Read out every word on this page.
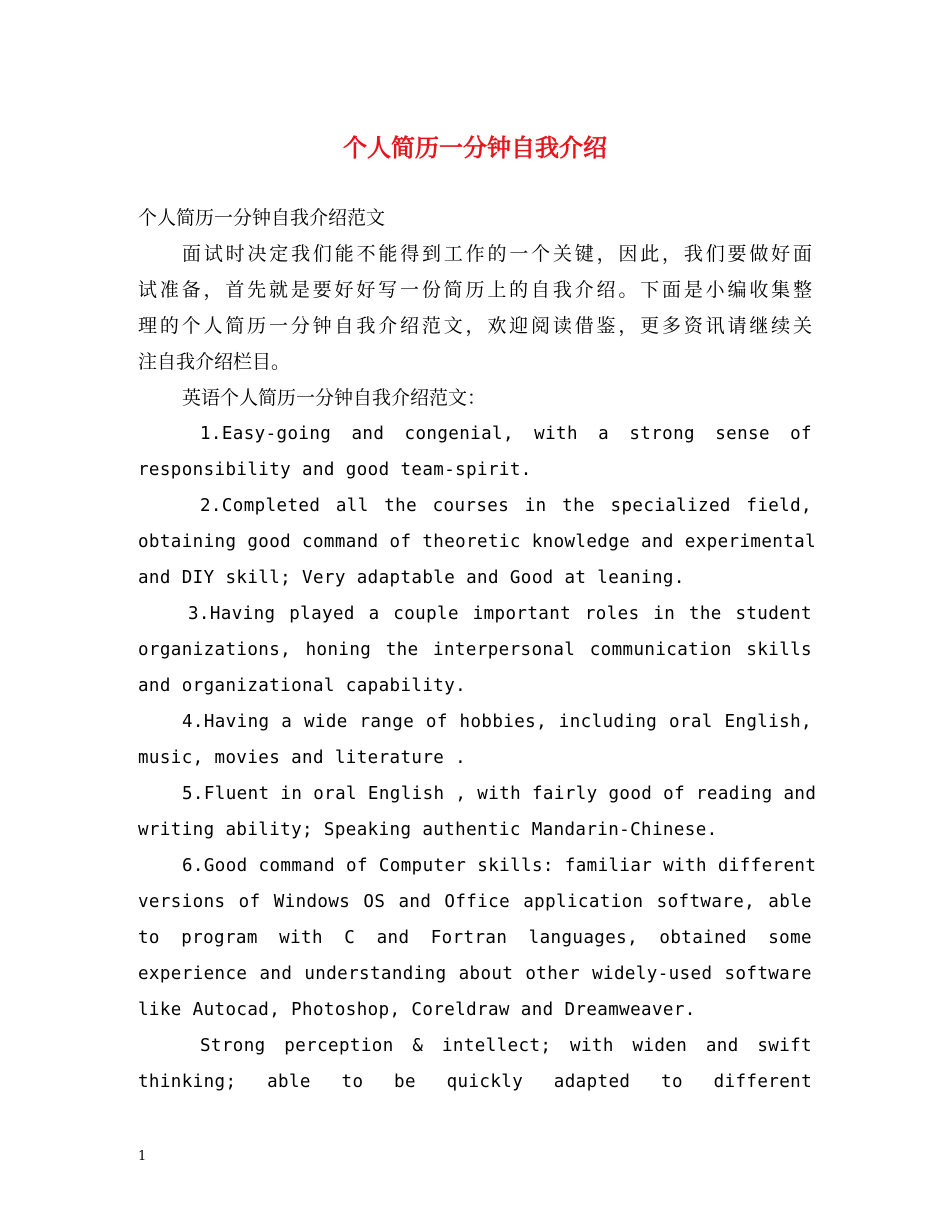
个人简历一分钟自我介绍
个人简历一分钟自我介绍范文
面试时决定我们能不能得到工作的一个关键，因此，我们要做好面
试准备，首先就是要好好写一份简历上的自我介绍。下面是小编收集整
理的个人简历一分钟自我介绍范文，欢迎阅读借鉴，更多资讯请继续关
注自我介绍栏目。
英语个人简历一分钟自我介绍范文：
1.Easy-going and congenial, with a strong sense of
responsibility and good team-spirit.
2.Completed all the courses in the specialized field,
obtaining good command of theoretic knowledge and experimental
and DIY skill; Very adaptable and Good at leaning.
3.Having played a couple important roles in the student
organizations, honing the interpersonal communication skills
and organizational capability.
4.Having a wide range of hobbies, including oral English,
music, movies and literature .
5.Fluent in oral English , with fairly good of reading and
writing ability; Speaking authentic Mandarin-Chinese.
6.Good command of Computer skills: familiar with different
versions of Windows OS and Office application software, able
to program with C and Fortran languages, obtained some
experience and understanding about other widely-used software
like Autocad, Photoshop, Coreldraw and Dreamweaver.
Strong perception & intellect; with widen and swift
thinking; able to be quickly adapted to different
1
